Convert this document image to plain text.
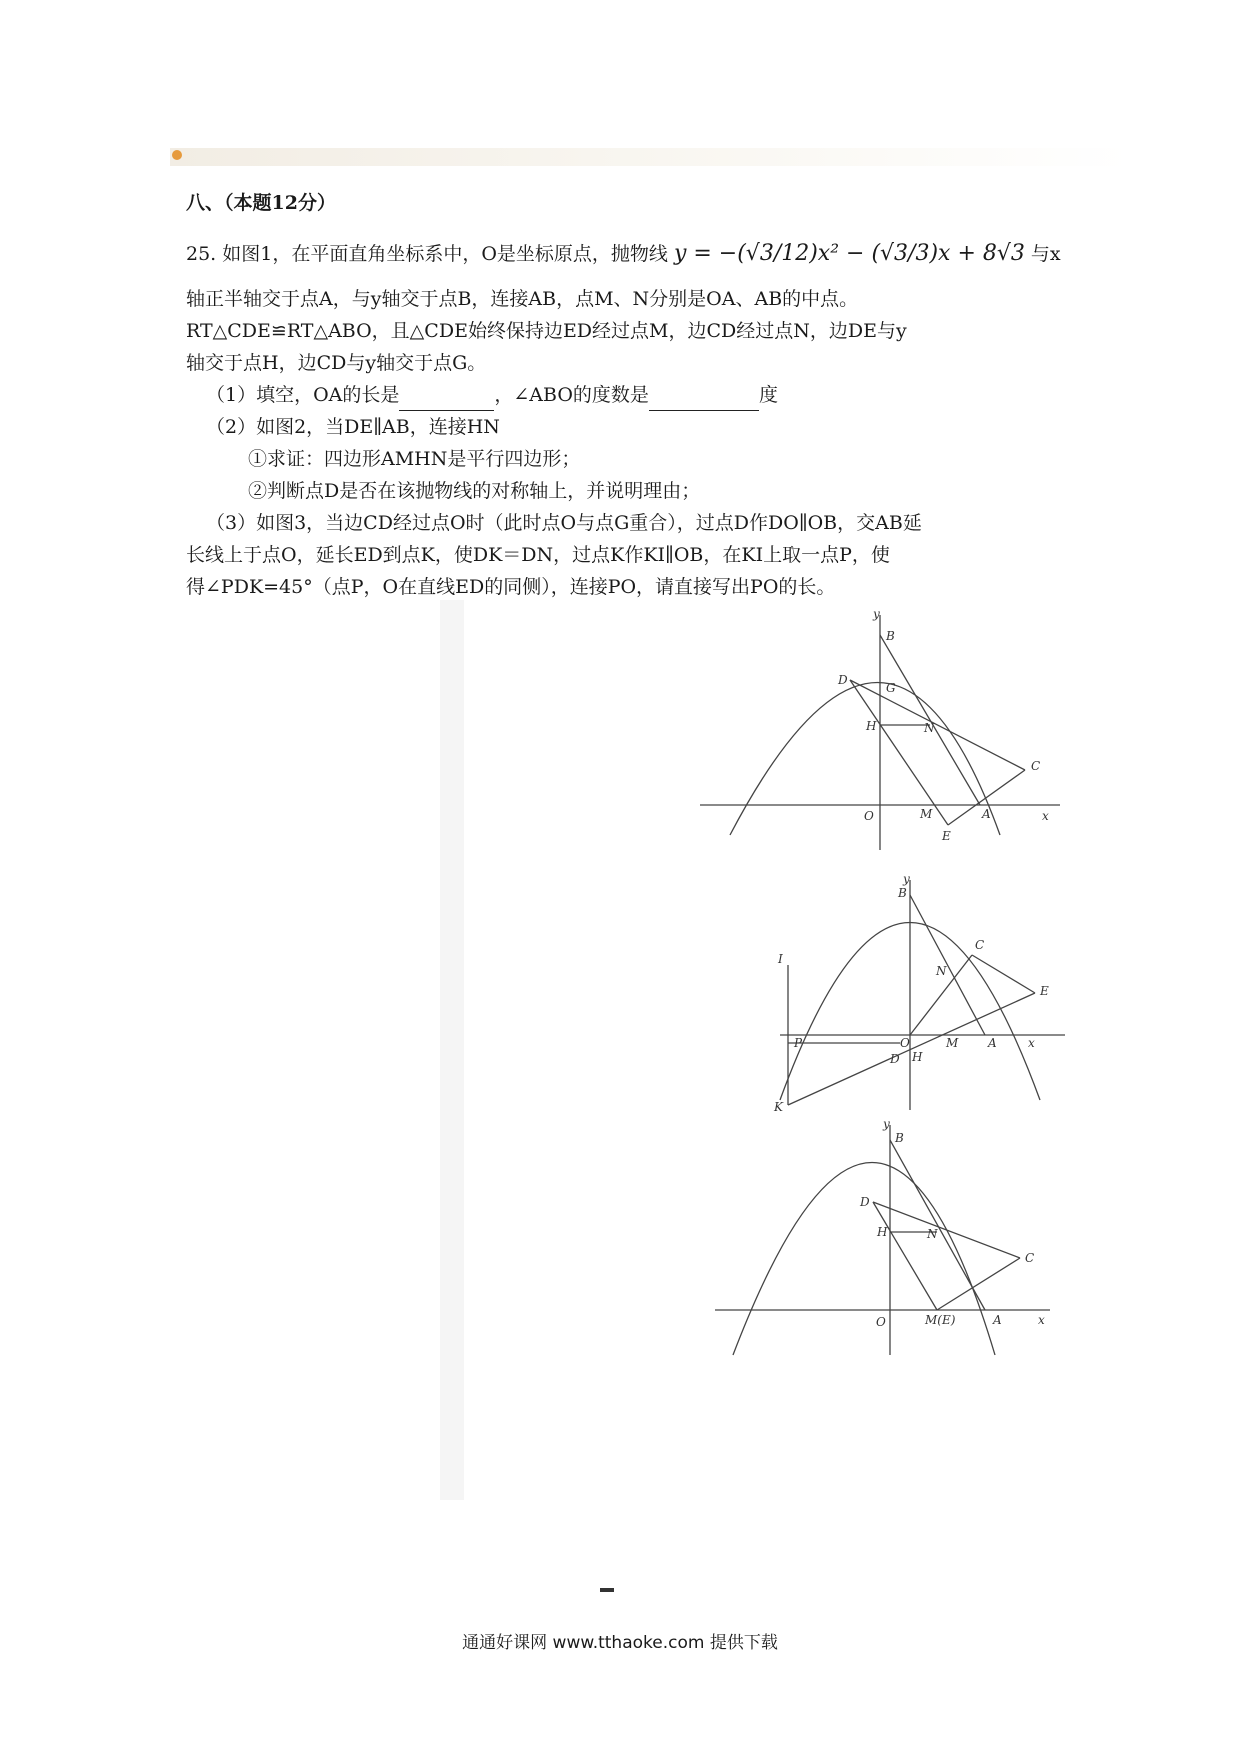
八、（本题12分）

25. 如图1，在平面直角坐标系中，O是坐标原点，抛物线 y = −(√3/12)x² − (√3/3)x + 8√3 与x

轴正半轴交于点A，与y轴交于点B，连接AB，点M、N分别是OA、AB的中点。

RT△CDE≌RT△ABO，且△CDE始终保持边ED经过点M，边CD经过点N，边DE与y

轴交于点H，边CD与y轴交于点G。

（1）填空，OA的长是	，∠ABO的度数是	度

（2）如图2，当DE∥AB，连接HN

①求证：四边形AMHN是平行四边形；

②判断点D是否在该抛物线的对称轴上，并说明理由；

（3）如图3，当边CD经过点O时（此时点O与点G重合），过点D作DO∥OB，交AB延

长线上于点O，延长ED到点K，使DK＝DN，过点K作KI∥OB，在KI上取一点P，使

得∠PDK=45°（点P，O在直线ED的同侧），连接PO，请直接写出PO的长。

y
B
D
G
H	N
C
O	M	A	x
E
y
B
C
I
N
E
P	O	M A	x
D H
K
y
B
D
H	N
C
O	M(E)	A	x
通通好课网 www.tthaoke.com 提供下载
